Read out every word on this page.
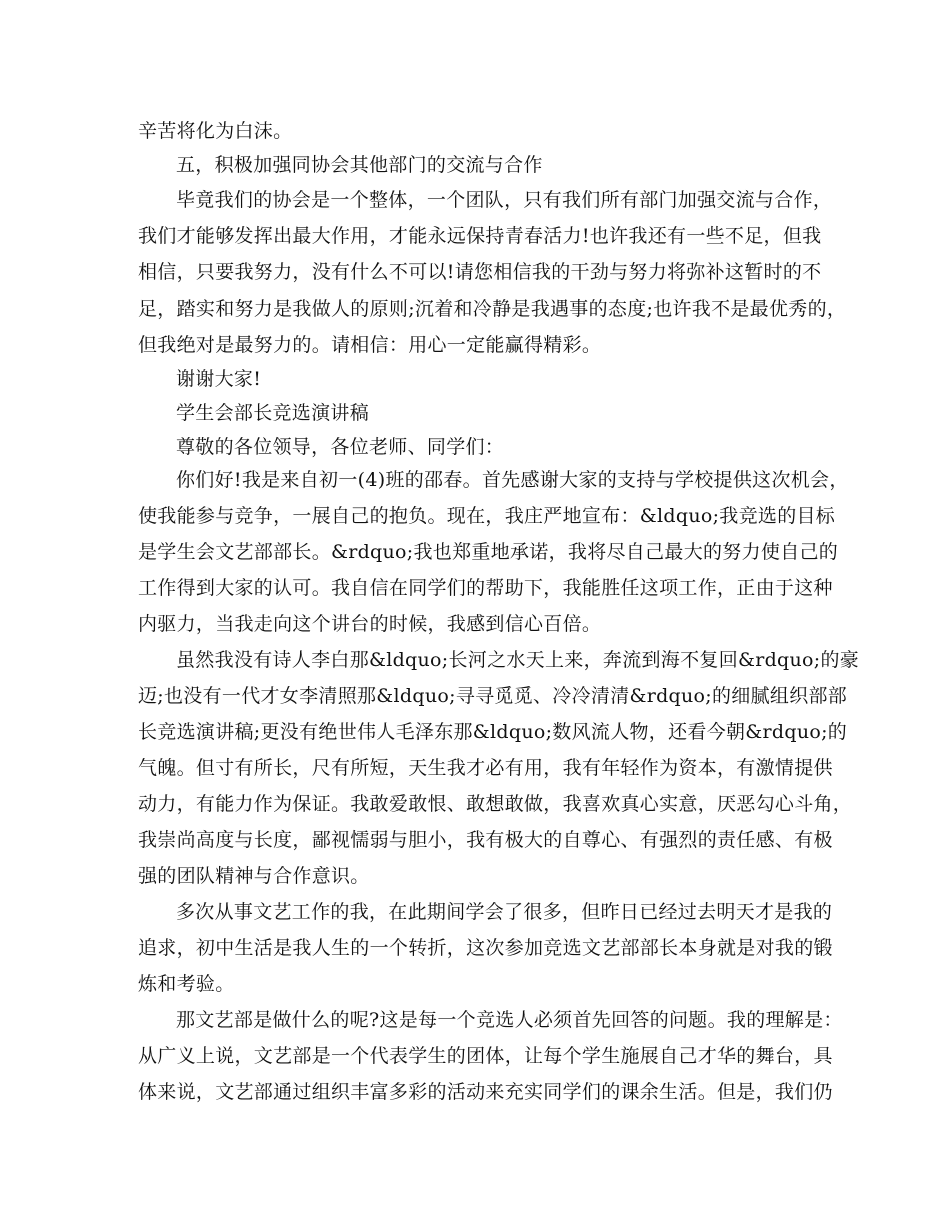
辛苦将化为白沫。
五，积极加强同协会其他部门的交流与合作
毕竟我们的协会是一个整体，一个团队，只有我们所有部门加强交流与合作，
我们才能够发挥出最大作用，才能永远保持青春活力!也许我还有一些不足，但我
相信，只要我努力，没有什么不可以!请您相信我的干劲与努力将弥补这暂时的不
足，踏实和努力是我做人的原则;沉着和冷静是我遇事的态度;也许我不是最优秀的，
但我绝对是最努力的。请相信：用心一定能赢得精彩。
谢谢大家!
学生会部长竞选演讲稿
尊敬的各位领导，各位老师、同学们：
你们好!我是来自初一(4)班的邵春。首先感谢大家的支持与学校提供这次机会，
使我能参与竞争，一展自己的抱负。现在，我庄严地宣布：&ldquo;我竞选的目标
是学生会文艺部部长。&rdquo;我也郑重地承诺，我将尽自己最大的努力使自己的
工作得到大家的认可。我自信在同学们的帮助下，我能胜任这项工作，正由于这种
内驱力，当我走向这个讲台的时候，我感到信心百倍。
虽然我没有诗人李白那&ldquo;长河之水天上来，奔流到海不复回&rdquo;的豪
迈;也没有一代才女李清照那&ldquo;寻寻觅觅、冷冷清清&rdquo;的细腻组织部部
长竞选演讲稿;更没有绝世伟人毛泽东那&ldquo;数风流人物，还看今朝&rdquo;的
气魄。但寸有所长，尺有所短，天生我才必有用，我有年轻作为资本，有激情提供
动力，有能力作为保证。我敢爱敢恨、敢想敢做，我喜欢真心实意，厌恶勾心斗角，
我崇尚高度与长度，鄙视懦弱与胆小，我有极大的自尊心、有强烈的责任感、有极
强的团队精神与合作意识。
多次从事文艺工作的我，在此期间学会了很多，但昨日已经过去明天才是我的
追求，初中生活是我人生的一个转折，这次参加竞选文艺部部长本身就是对我的锻
炼和考验。
那文艺部是做什么的呢?这是每一个竞选人必须首先回答的问题。我的理解是：
从广义上说，文艺部是一个代表学生的团体，让每个学生施展自己才华的舞台，具
体来说，文艺部通过组织丰富多彩的活动来充实同学们的课余生活。但是，我们仍
